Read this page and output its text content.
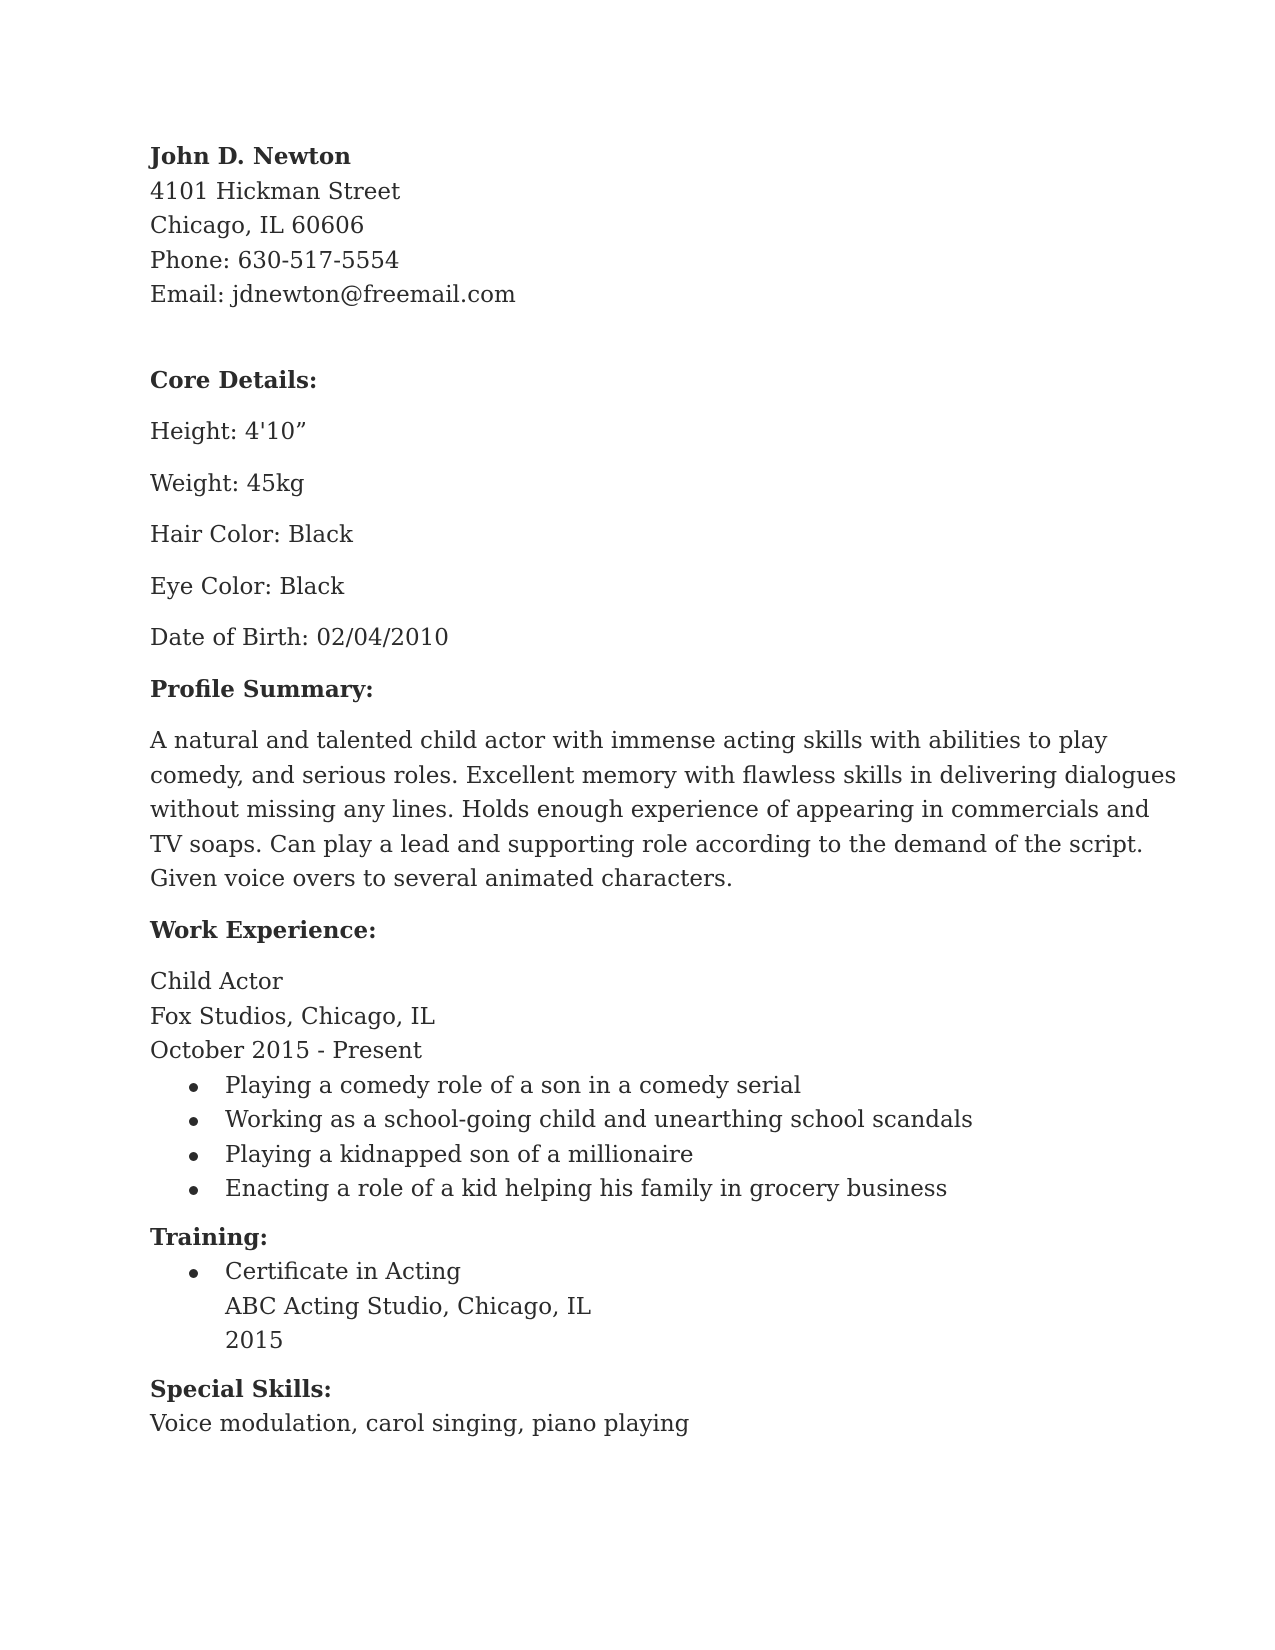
John D. Newton
4101 Hickman Street
Chicago, IL 60606
Phone: 630-517-5554
Email: jdnewton@freemail.com
Core Details:
Height: 4'10”
Weight: 45kg
Hair Color: Black
Eye Color: Black
Date of Birth: 02/04/2010
Profile Summary:
A natural and talented child actor with immense acting skills with abilities to play
comedy, and serious roles. Excellent memory with flawless skills in delivering dialogues
without missing any lines. Holds enough experience of appearing in commercials and
TV soaps. Can play a lead and supporting role according to the demand of the script.
Given voice overs to several animated characters.
Work Experience:
Child Actor
Fox Studios, Chicago, IL
October 2015 - Present
Playing a comedy role of a son in a comedy serial
Working as a school-going child and unearthing school scandals
Playing a kidnapped son of a millionaire
Enacting a role of a kid helping his family in grocery business
Training:
Certificate in Acting
ABC Acting Studio, Chicago, IL
2015
Special Skills:
Voice modulation, carol singing, piano playing
